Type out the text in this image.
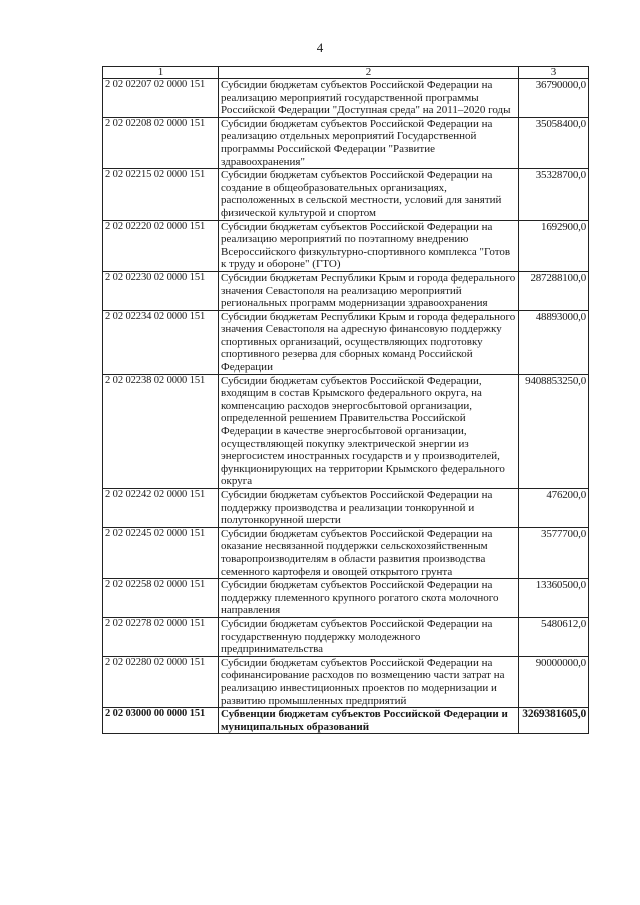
4
1	2	3
2 02 02207 02 0000 151	Субсидии бюджетам субъектов Российской Федерации на реализацию мероприятий государственной программы Российской Федерации "Доступная среда" на 2011–2020 годы	36790000,0
2 02 02208 02 0000 151	Субсидии бюджетам субъектов Российской Федерации на реализацию отдельных мероприятий Государственной программы Российской Федерации "Развитие здравоохранения"	35058400,0
2 02 02215 02 0000 151	Субсидии бюджетам субъектов Российской Федерации на создание в общеобразовательных организациях, расположенных в сельской местности, условий для занятий физической культурой и спортом	35328700,0
2 02 02220 02 0000 151	Субсидии бюджетам субъектов Российской Федерации на реализацию мероприятий по поэтапному внедрению Всероссийского физкультурно-спортивного комплекса "Готов к труду и обороне" (ГТО)	1692900,0
2 02 02230 02 0000 151	Субсидии бюджетам Республики Крым и города федерального значения Севастополя на реализацию мероприятий региональных программ модернизации здравоохранения	287288100,0
2 02 02234 02 0000 151	Субсидии бюджетам Республики Крым и города федерального значения Севастополя на адресную финансовую поддержку спортивных организаций, осуществляющих подготовку спортивного резерва для сборных команд Российской Федерации	48893000,0
2 02 02238 02 0000 151	Субсидии бюджетам субъектов Российской Федерации, входящим в состав Крымского федерального округа, на компенсацию расходов энергосбытовой организации, определенной решением Правительства Российской Федерации в качестве энергосбытовой организации, осуществляющей покупку электрической энергии из энергосистем иностранных государств и у производителей, функционирующих на территории Крымского федерального округа	9408853250,0
2 02 02242 02 0000 151	Субсидии бюджетам субъектов Российской Федерации на поддержку производства и реализации тонкорунной и полутонкорунной шерсти	476200,0
2 02 02245 02 0000 151	Субсидии бюджетам субъектов Российской Федерации на оказание несвязанной поддержки сельскохозяйственным товаропроизводителям в области развития производства семенного картофеля и овощей открытого грунта	3577700,0
2 02 02258 02 0000 151	Субсидии бюджетам субъектов Российской Федерации на поддержку племенного крупного рогатого скота молочного направления	13360500,0
2 02 02278 02 0000 151	Субсидии бюджетам субъектов Российской Федерации на государственную поддержку молодежного предпринимательства	5480612,0
2 02 02280 02 0000 151	Субсидии бюджетам субъектов Российской Федерации на софинансирование расходов по возмещению части затрат на реализацию инвестиционных проектов по модернизации и развитию промышленных предприятий	90000000,0
2 02 03000 00 0000 151	Субвенции бюджетам субъектов Российской Федерации и муниципальных образований	3269381605,0
